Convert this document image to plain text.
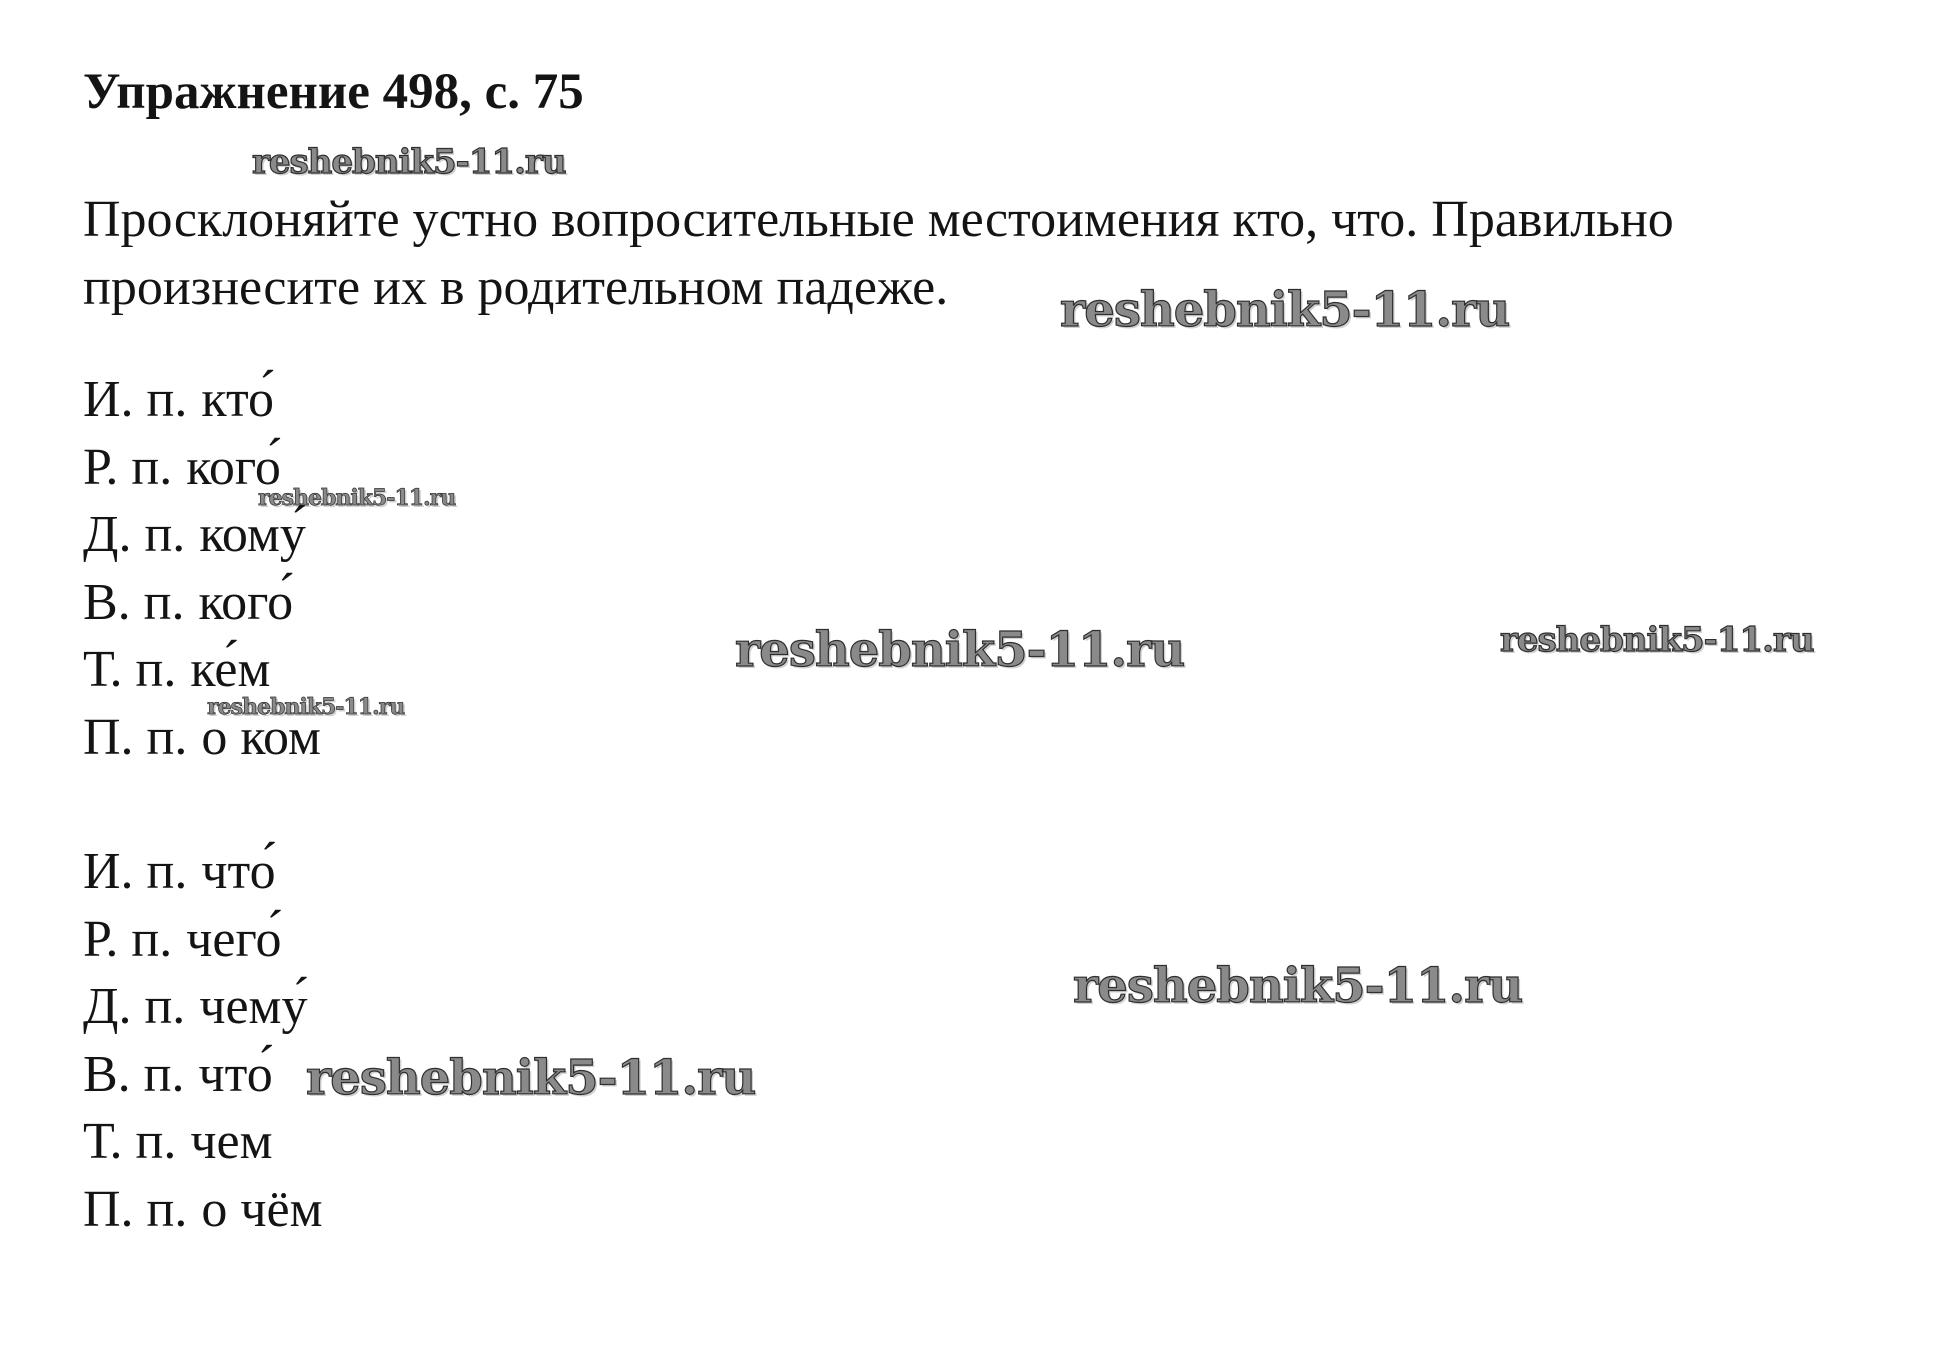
Упражнение 498, с. 75

Просклоняйте устно вопросительные местоимения кто, что. Правильно
произнесите их в родительном падеже.

И. п. кто́
Р. п. кого́
Д. п. кому́
В. п. кого́
Т. п. ке́м
П. п. о ком
И. п. что́
Р. п. чего́
Д. п. чему́
В. п. что́
Т. п. чем
П. п. о чём
reshebnik5-11.ru
reshebnik5-11.ru
reshebnik5-11.ru
reshebnik5-11.ru	reshebnik5-11.ru
reshebnik5-11.ru
reshebnik5-11.ru
reshebnik5-11.ru
